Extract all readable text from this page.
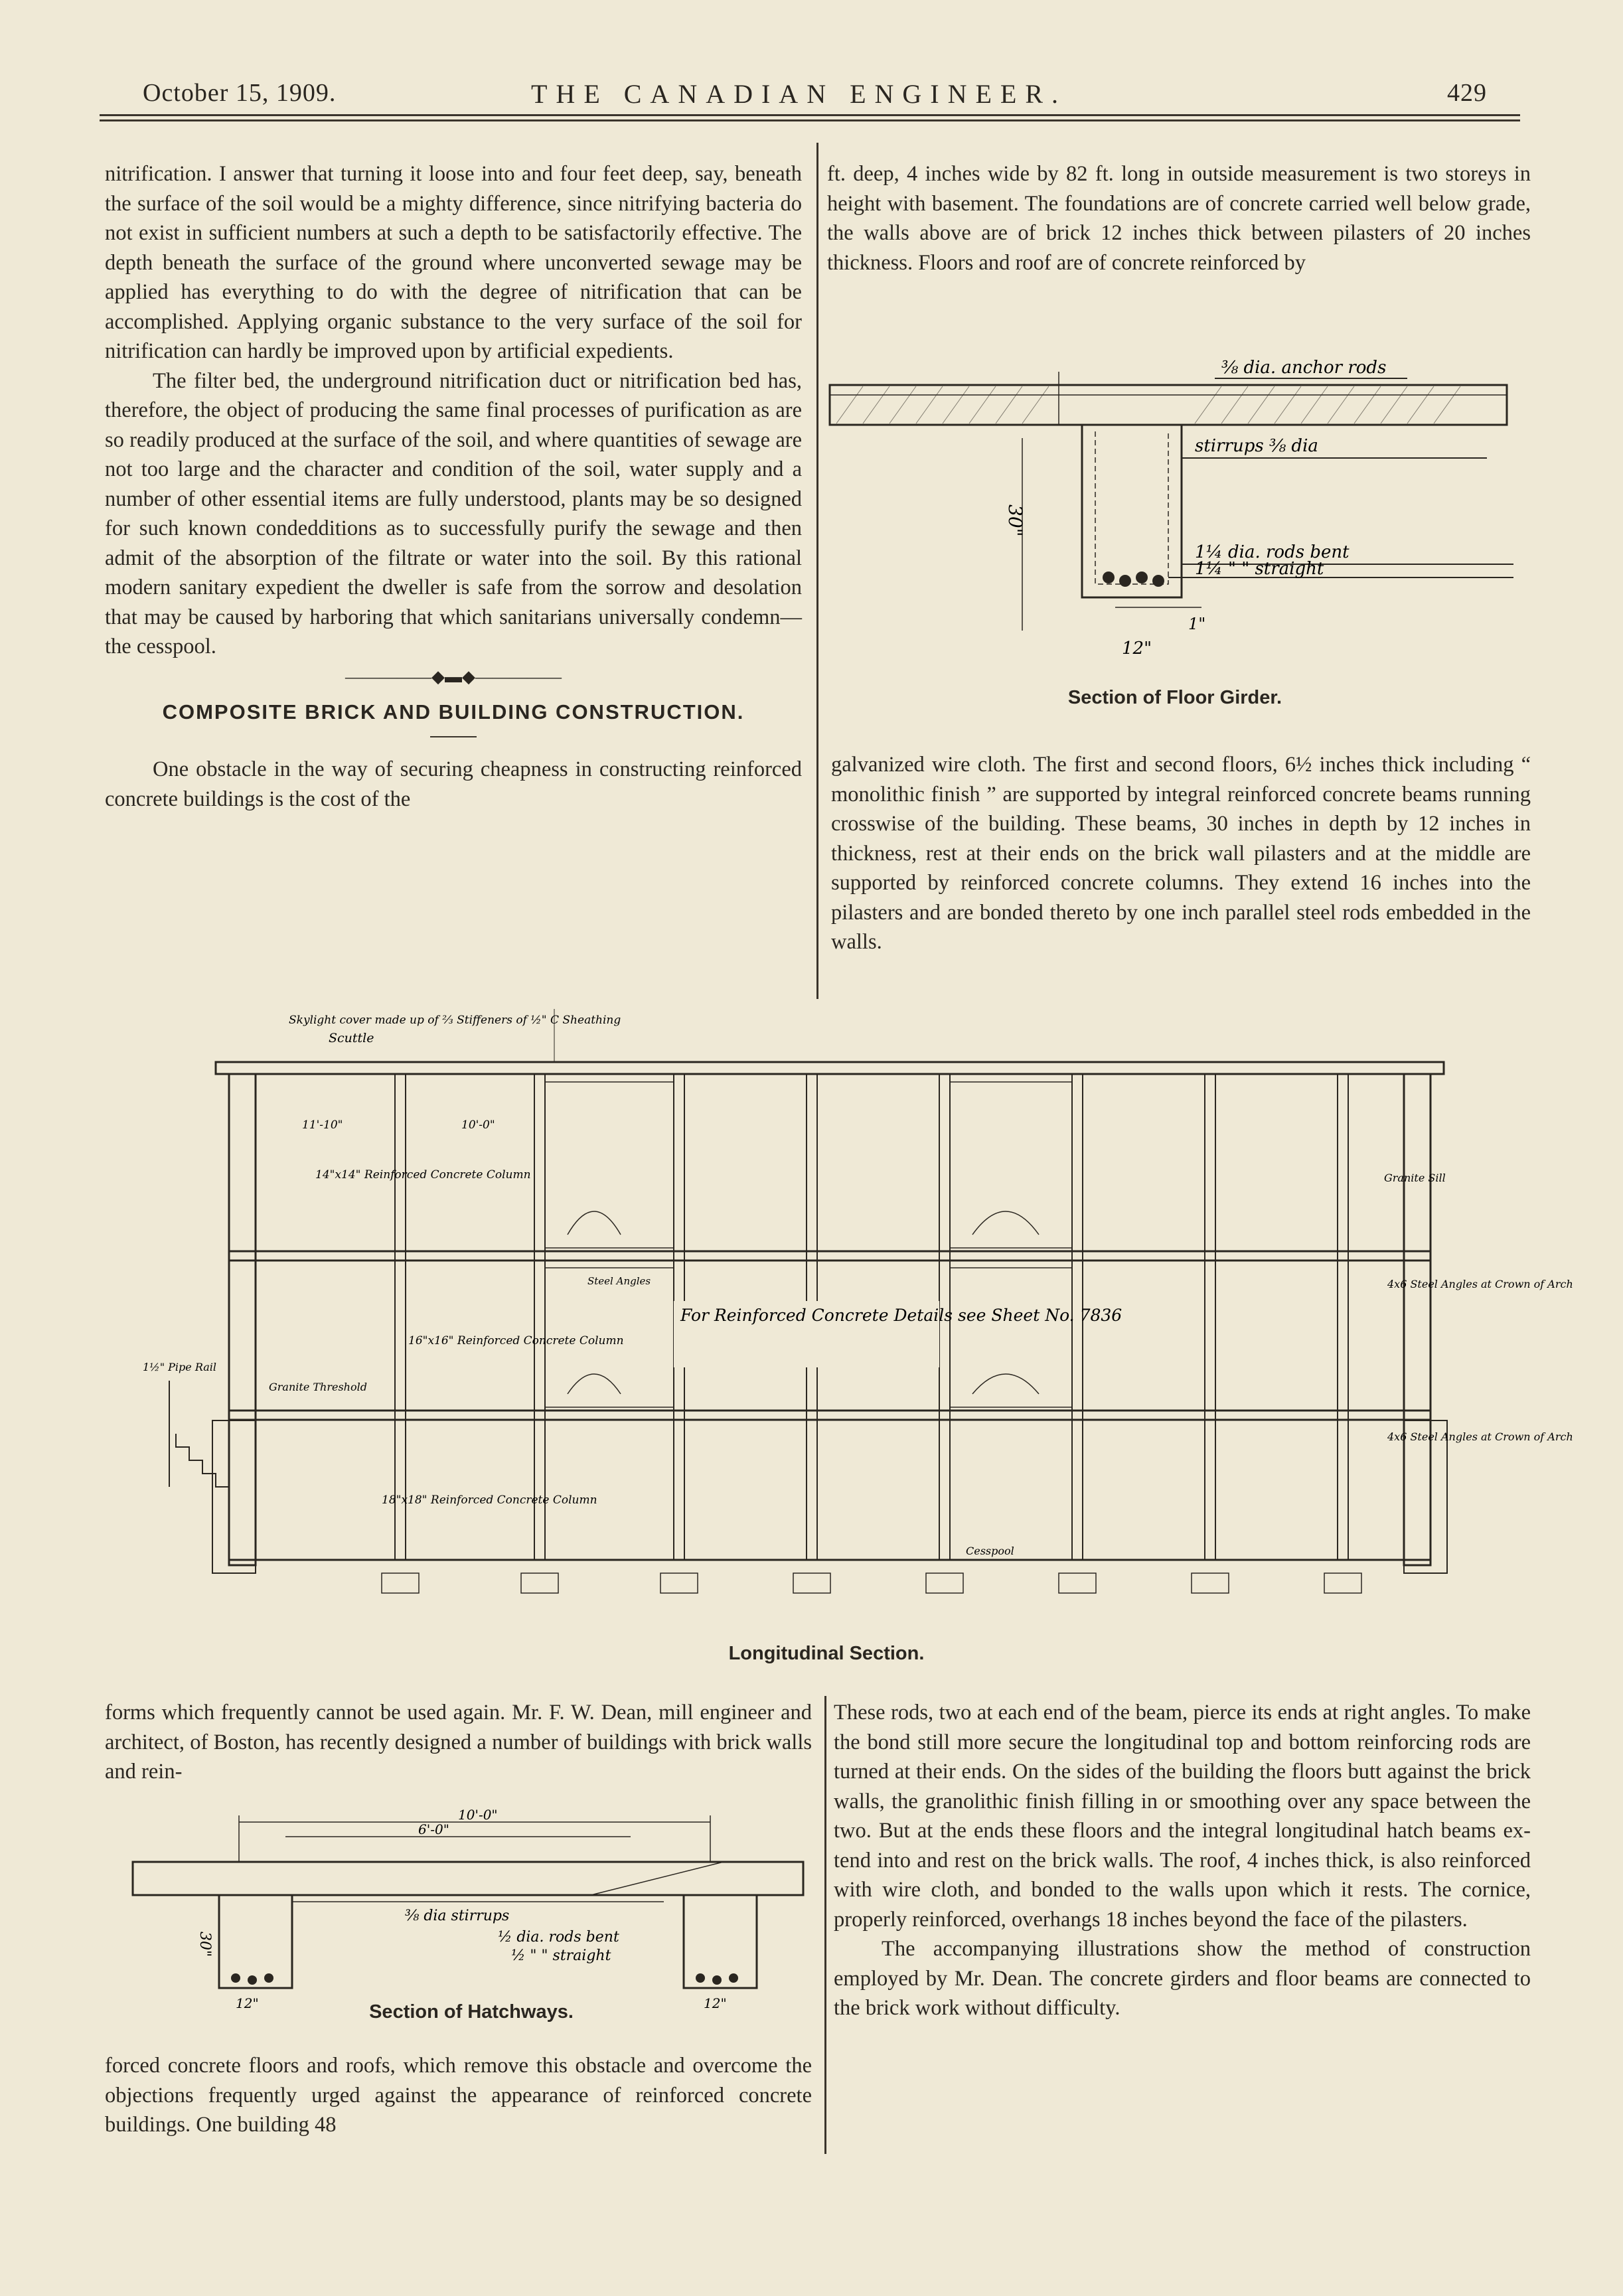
October 15, 1909.	THE CANADIAN ENGINEER.	429

nitrification. I answer that turning it loose into and four feet deep, say, beneath the surface of the soil would be a mighty difference, since nitrifying bacteria do not exist in sufficient numbers at such a depth to be satisfactorily effective. The depth beneath the surface of the ground where unconverted sewage may be applied has everything to do with the degree of nitrification that can be accomplished. Applying organic substance to the very surface of the soil for nitrification can hardly be improved upon by artificial expedients.

The filter bed, the underground nitrification duct or nitrification bed has, therefore, the object of producing the same final processes of purification as are so readily produced at the surface of the soil, and where quantities of sewage are not too large and the character and condition of the soil, water supply and a number of other essential items are fully understood, plants may be so designed for such known condedditions as to successfully purify the sewage and then admit of the absorption of the filtrate or water into the soil. By this rational modern sanitary expedient the dweller is safe from the sorrow and desolation that may be caused by harboring that which sanitarians universally condemn—the cesspool.

—————◆▬◆—————
COMPOSITE BRICK AND BUILDING CONSTRUCTION.

One obstacle in the way of securing cheapness in constructing reinforced concrete buildings is the cost of the

ft. deep, 4 inches wide by 82 ft. long in outside measurement is two storeys in height with basement. The foundations are of concrete carried well below grade, the walls above are of brick 12 inches thick between pilasters of 20 inches thickness. Floors and roof are of concrete reinforced by

⅜ dia. anchor rods
stirrups ⅜ dia
1¼ dia. rods bent
1¼ " " straight
30"
12"
1"
Section of Floor Girder.

galvanized wire cloth. The first and second floors, 6½ inches thick including “ monolithic finish ” are supported by integral reinforced concrete beams running crosswise of the building. These beams, 30 inches in depth by 12 inches in thickness, rest at their ends on the brick wall pilasters and at the middle are supported by reinforced concrete columns. They extend 16 inches into the pilasters and are bonded thereto by one inch parallel steel rods embedded in the walls.

Skylight cover made up of ⅔ Stiffeners of ½" C Sheathing
Scuttle
14"x14" Reinforced Concrete Column
16"x16" Reinforced Concrete Column
18"x18" Reinforced Concrete Column
For Reinforced Concrete Details see Sheet No. 7836
Steel Angles
Granite Sill
Granite Threshold
1½" Pipe Rail
4x6 Steel Angles at Crown of Arch
4x6 Steel Angles at Crown of Arch
Cesspool
10'-0"
11'-10"
Longitudinal Section.

forms which frequently cannot be used again. Mr. F. W. Dean, mill engineer and architect, of Boston, has recently designed a number of buildings with brick walls and rein-

10'-0"
6'-0"
⅜ dia stirrups
½ dia. rods bent
½ " " straight
30"
12"	12"
Section of Hatchways.

forced concrete floors and roofs, which remove this obstacle and overcome the objections frequently urged against the appearance of reinforced concrete buildings. One building 48

These rods, two at each end of the beam, pierce its ends at right angles. To make the bond still more secure the longitudinal top and bottom reinforcing rods are turned at their ends. On the sides of the building the floors butt against the brick walls, the granolithic finish filling in or smoothing over any space between the two. But at the ends these floors and the integral longitudinal hatch beams extend into and rest on the brick walls. The roof, 4 inches thick, is also reinforced with wire cloth, and bonded to the walls upon which it rests. The cornice, properly reinforced, overhangs 18 inches beyond the face of the pilasters.

The accompanying illustrations show the method of construction employed by Mr. Dean. The concrete girders and floor beams are connected to the brick work without difficulty.
